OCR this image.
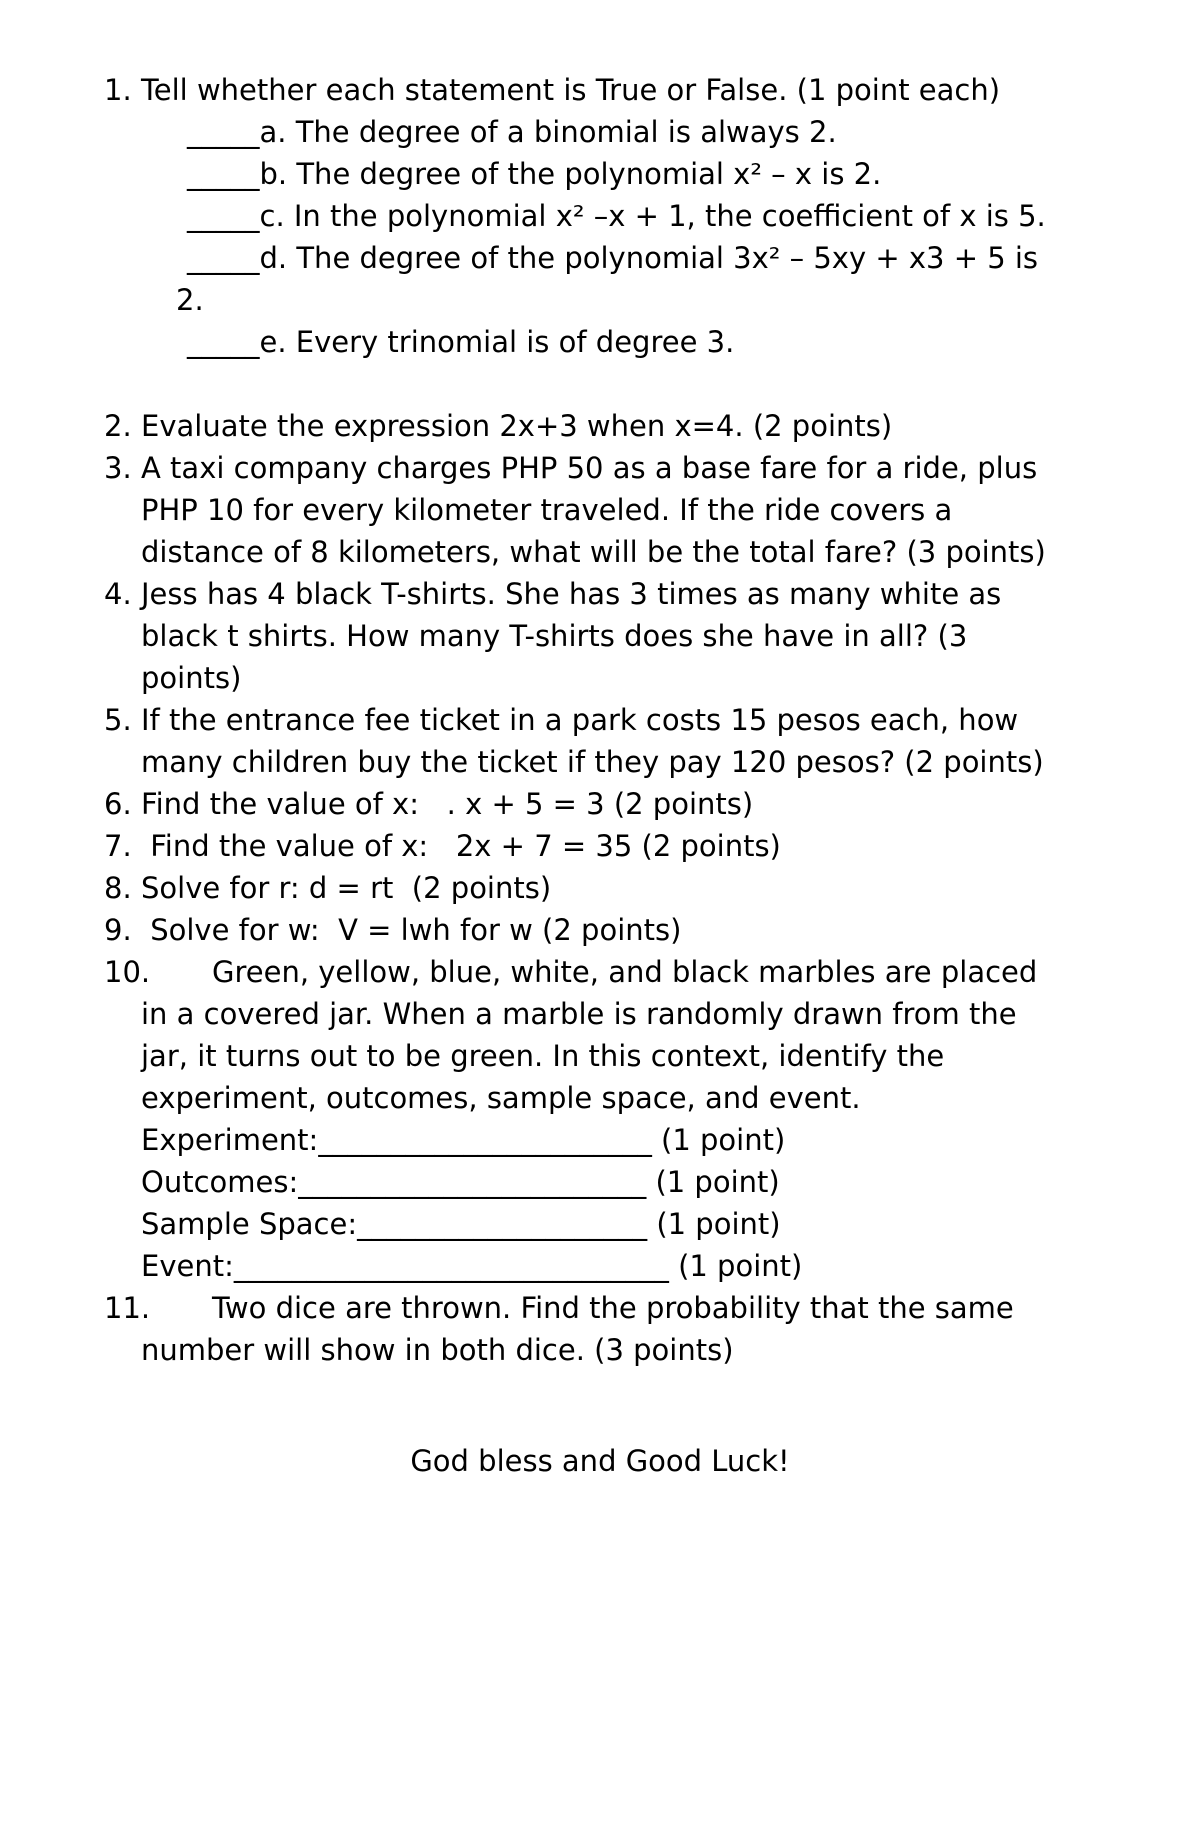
1. Tell whether each statement is True or False. (1 point each)
_____a. The degree of a binomial is always 2.
_____b. The degree of the polynomial x² – x is 2.
_____c. In the polynomial x² –x + 1, the coefficient of x is 5.
_____d. The degree of the polynomial 3x² – 5xy + x3 + 5 is
2.
_____e. Every trinomial is of degree 3.
2. Evaluate the expression 2x+3 when x=4. (2 points)
3. A taxi company charges PHP 50 as a base fare for a ride, plus
PHP 10 for every kilometer traveled. If the ride covers a
distance of 8 kilometers, what will be the total fare? (3 points)
4. Jess has 4 black T-shirts. She has 3 times as many white as
black t shirts. How many T-shirts does she have in all? (3
points)
5. If the entrance fee ticket in a park costs 15 pesos each, how
many children buy the ticket if they pay 120 pesos? (2 points)
6. Find the value of x:   . x + 5 = 3 (2 points)
7. Find the value of x:   2x + 7 = 35 (2 points)
8. Solve for r: d = rt  (2 points)
9. Solve for w:  V = lwh for w (2 points)
10. Green, yellow, blue, white, and black marbles are placed
in a covered jar. When a marble is randomly drawn from the
jar, it turns out to be green. In this context, identify the
experiment, outcomes, sample space, and event.
Experiment:_______________________ (1 point)
Outcomes:________________________ (1 point)
Sample Space:____________________ (1 point)
Event:______________________________ (1 point)
11. Two dice are thrown. Find the probability that the same
number will show in both dice. (3 points)
God bless and Good Luck!
